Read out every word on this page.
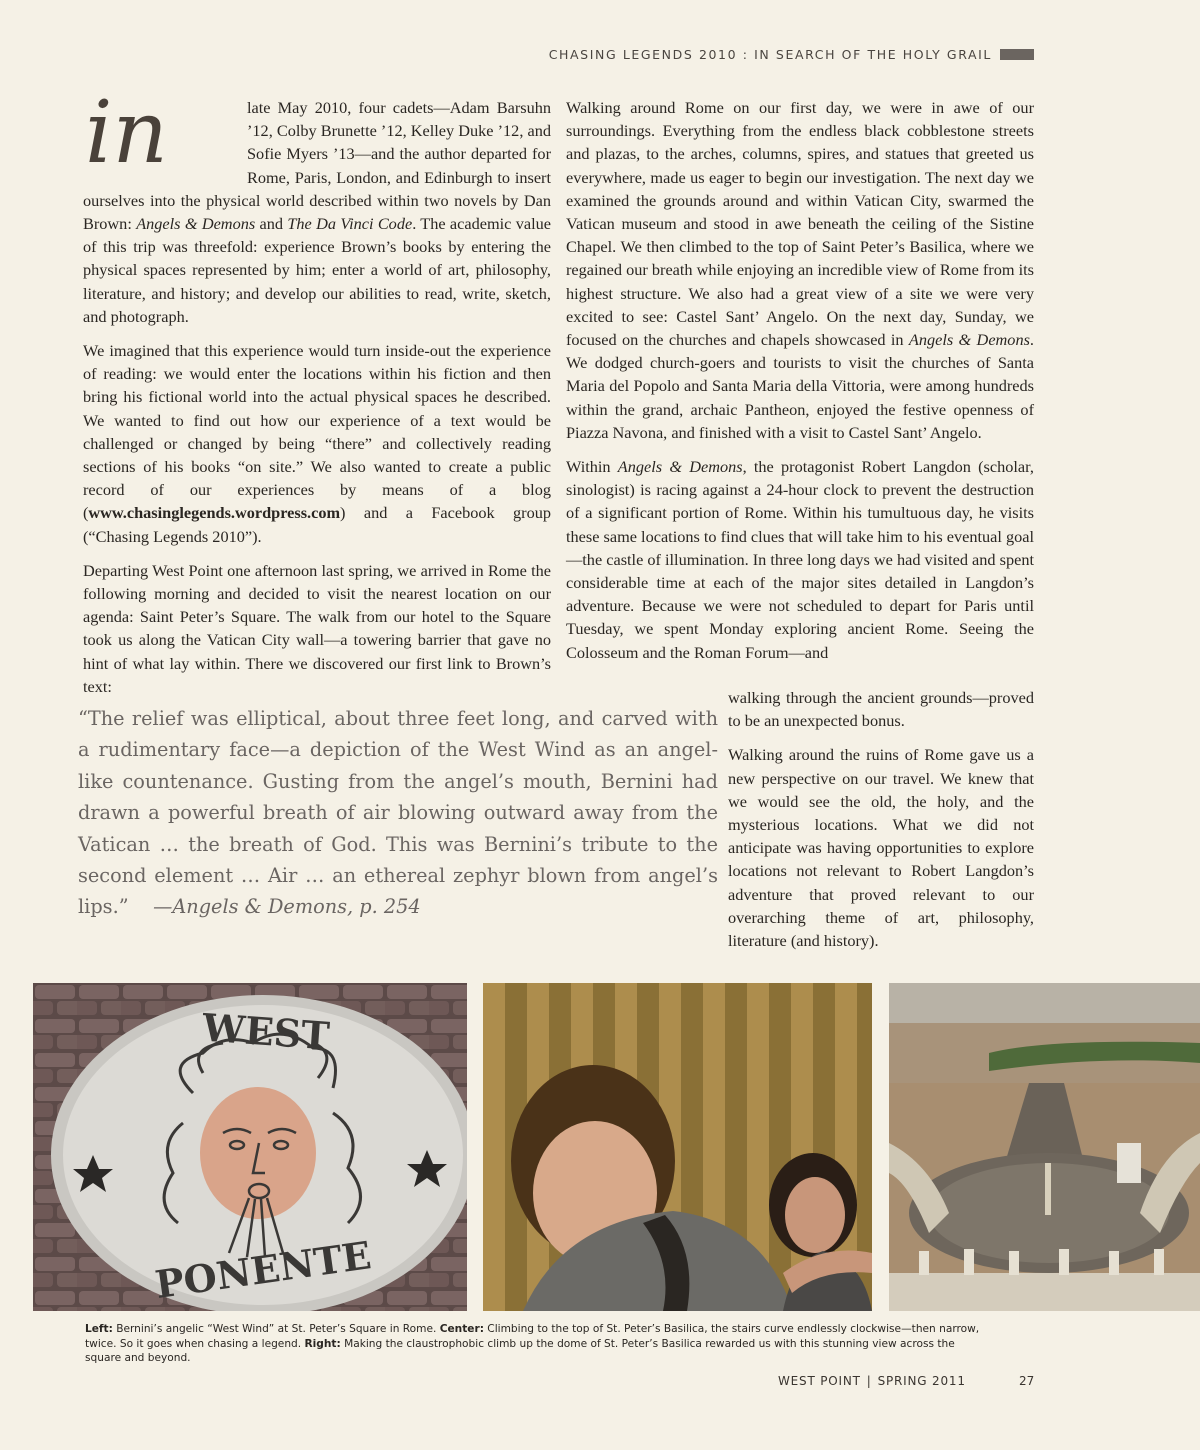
CHASING LEGENDS 2010 : IN SEARCH OF THE HOLY GRAIL
in	late May 2010, four cadets—Adam Barsuhn ’12, Colby Brunette ’12, Kelley Duke ’12, and Sofie Myers ’13—and the author departed for Rome, Paris, London, and Edinburgh to insert ourselves into the physical world described within two novels by Dan Brown: Angels & Demons and The Da Vinci Code. The academic value of this trip was threefold: experience Brown’s books by entering the physical spaces represented by him; enter a world of art, philosophy, literature, and history; and develop our abilities to read, write, sketch, and photograph.

We imagined that this experience would turn inside-out the experience of reading: we would enter the locations within his fiction and then bring his fictional world into the actual physical spaces he described. We wanted to find out how our experience of a text would be challenged or changed by being “there” and collectively reading sections of his books “on site.” We also wanted to create a public record of our experiences by means of a blog (www.chasinglegends.wordpress.com) and a Facebook group (“Chasing Legends 2010”).

Departing West Point one afternoon last spring, we arrived in Rome the following morning and decided to visit the nearest location on our agenda: Saint Peter’s Square. The walk from our hotel to the Square took us along the Vatican City wall—a towering barrier that gave no hint of what lay within. There we discovered our first link to Brown’s text:

Walking around Rome on our first day, we were in awe of our surroundings. Everything from the endless black cobblestone streets and plazas, to the arches, columns, spires, and statues that greeted us everywhere, made us eager to begin our investigation. The next day we examined the grounds around and within Vatican City, swarmed the Vatican museum and stood in awe beneath the ceiling of the Sistine Chapel. We then climbed to the top of Saint Peter’s Basilica, where we regained our breath while enjoying an incredible view of Rome from its highest structure. We also had a great view of a site we were very excited to see: Castel Sant’ Angelo. On the next day, Sunday, we focused on the churches and chapels showcased in Angels & Demons. We dodged church-goers and tourists to visit the churches of Santa Maria del Popolo and Santa Maria della Vittoria, were among hundreds within the grand, archaic Pantheon, enjoyed the festive openness of Piazza Navona, and finished with a visit to Castel Sant’ Angelo.

Within Angels & Demons, the protagonist Robert Langdon (scholar, sinologist) is racing against a 24-hour clock to prevent the destruction of a significant portion of Rome. Within his tumultuous day, he visits these same locations to find clues that will take him to his eventual goal—the castle of illumination. In three long days we had visited and spent considerable time at each of the major sites detailed in Langdon’s adventure. Because we were not scheduled to depart for Paris until Tuesday, we spent Monday exploring ancient Rome. Seeing the Colosseum and the Roman Forum—and

walking through the ancient grounds—proved to be an unexpected bonus.

Walking around the ruins of Rome gave us a new perspective on our travel. We knew that we would see the old, the holy, and the mysterious locations. What we did not anticipate was having opportunities to explore locations not relevant to Robert Langdon’s adventure that proved relevant to our overarching theme of art, philosophy, literature (and history).

“The relief was elliptical, about three feet long, and carved with a rudimentary face—a depiction of the West Wind as an angel-like countenance. Gusting from the angel’s mouth, Bernini had drawn a powerful breath of air blowing outward away from the Vatican … the breath of God. This was Bernini’s tribute to the second element … Air … an ethereal zephyr blown from angel’s lips.” —Angels & Demons, p. 254

WEST
PONENTE
Left: Bernini’s angelic “West Wind” at St. Peter’s Square in Rome. Center: Climbing to the top of St. Peter’s Basilica, the stairs curve endlessly clockwise—then narrow, twice. So it goes when chasing a legend. Right: Making the claustrophobic climb up the dome of St. Peter’s Basilica rewarded us with this stunning view across the square and beyond.
WEST POINT | SPRING 2011	27
